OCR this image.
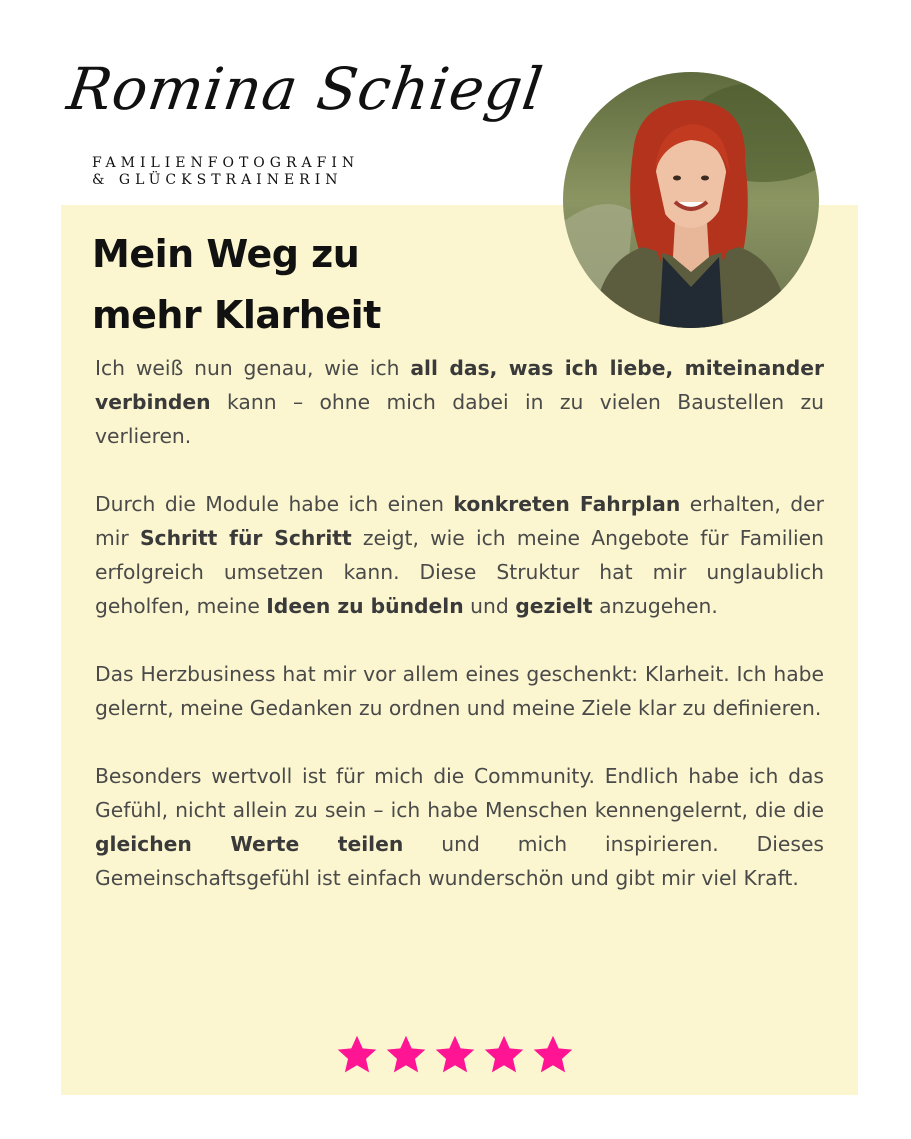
Romina Schiegl
FAMILIENFOTOGRAFIN
& GLÜCKSTRAINERIN
Mein Weg zu
mehr Klarheit

Ich weiß nun genau, wie ich all das, was ich liebe, miteinander verbinden kann – ohne mich dabei in zu vielen Baustellen zu verlieren.

Durch die Module habe ich einen konkreten Fahrplan erhalten, der mir Schritt für Schritt zeigt, wie ich meine Angebote für Familien erfolgreich umsetzen kann. Diese Struktur hat mir unglaublich geholfen, meine Ideen zu bündeln und gezielt anzugehen.

Das Herzbusiness hat mir vor allem eines geschenkt: Klarheit. Ich habe gelernt, meine Gedanken zu ordnen und meine Ziele klar zu definieren.

Besonders wertvoll ist für mich die Community. Endlich habe ich das Gefühl, nicht allein zu sein – ich habe Menschen kennengelernt, die die gleichen Werte teilen und mich inspirieren. Dieses Gemeinschaftsgefühl ist einfach wunderschön und gibt mir viel Kraft.
